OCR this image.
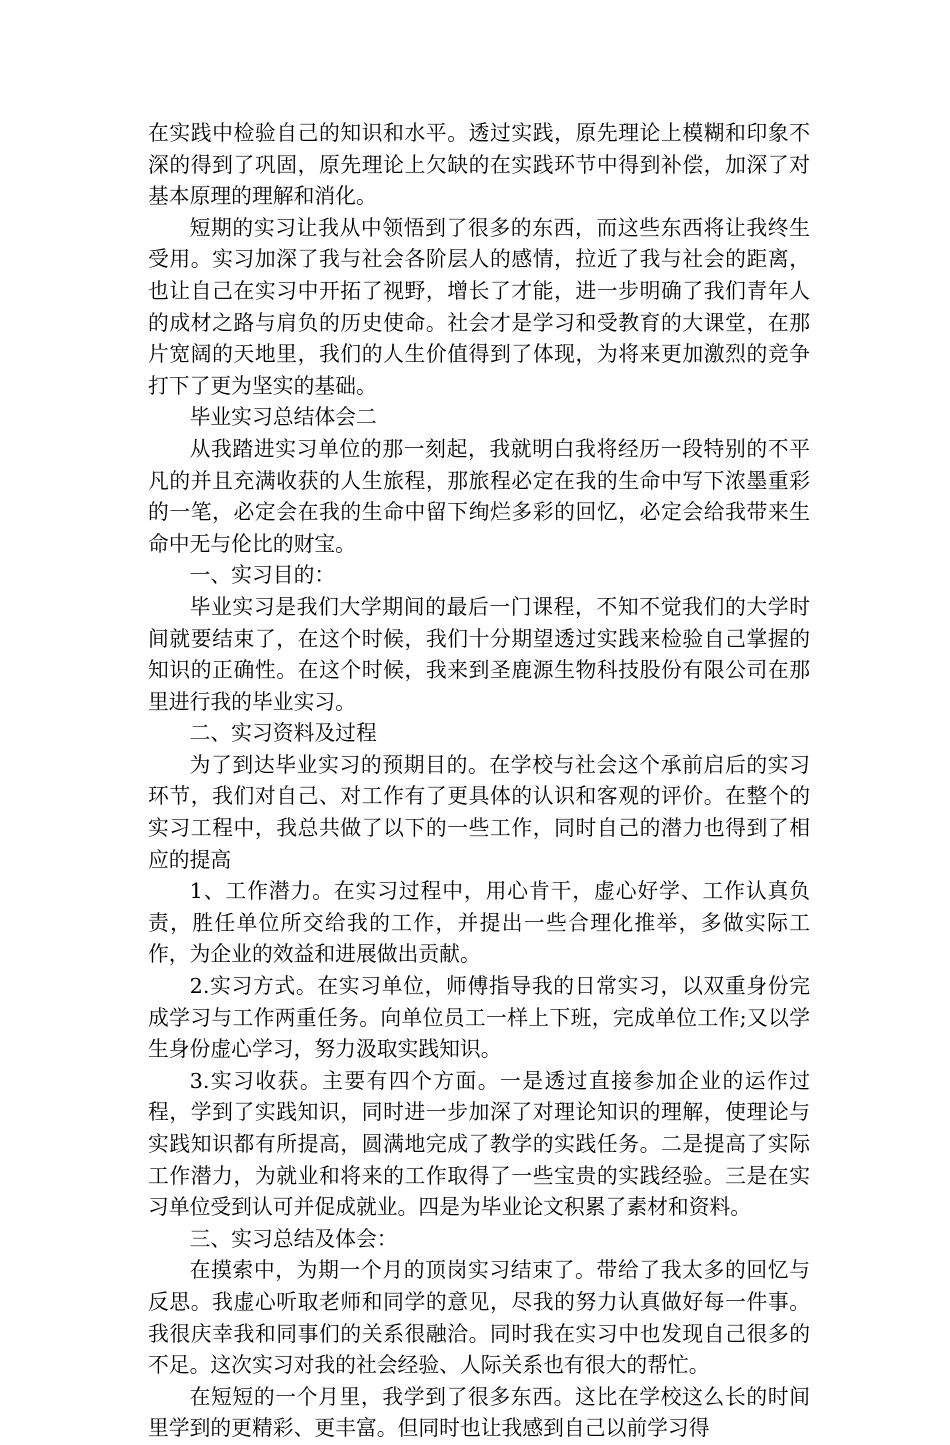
在实践中检验自己的知识和水平。透过实践，原先理论上模糊和印象不深的得到了巩固，原先理论上欠缺的在实践环节中得到补偿，加深了对基本原理的理解和消化。

短期的实习让我从中领悟到了很多的东西，而这些东西将让我终生受用。实习加深了我与社会各阶层人的感情，拉近了我与社会的距离，也让自己在实习中开拓了视野，增长了才能，进一步明确了我们青年人的成材之路与肩负的历史使命。社会才是学习和受教育的大课堂，在那片宽阔的天地里，我们的人生价值得到了体现，为将来更加激烈的竞争打下了更为坚实的基础。

毕业实习总结体会二

从我踏进实习单位的那一刻起，我就明白我将经历一段特别的不平凡的并且充满收获的人生旅程，那旅程必定在我的生命中写下浓墨重彩的一笔，必定会在我的生命中留下绚烂多彩的回忆，必定会给我带来生命中无与伦比的财宝。

一、实习目的：

毕业实习是我们大学期间的最后一门课程，不知不觉我们的大学时间就要结束了，在这个时候，我们十分期望透过实践来检验自己掌握的知识的正确性。在这个时候，我来到圣鹿源生物科技股份有限公司在那里进行我的毕业实习。

二、实习资料及过程

为了到达毕业实习的预期目的。在学校与社会这个承前启后的实习环节，我们对自己、对工作有了更具体的认识和客观的评价。在整个的实习工程中，我总共做了以下的一些工作，同时自己的潜力也得到了相应的提高

1、工作潜力。在实习过程中，用心肯干，虚心好学、工作认真负责，胜任单位所交给我的工作，并提出一些合理化推举，多做实际工作，为企业的效益和进展做出贡献。

2.实习方式。在实习单位，师傅指导我的日常实习，以双重身份完成学习与工作两重任务。向单位员工一样上下班，完成单位工作;又以学生身份虚心学习，努力汲取实践知识。

3.实习收获。主要有四个方面。一是透过直接参加企业的运作过程，学到了实践知识，同时进一步加深了对理论知识的理解，使理论与实践知识都有所提高，圆满地完成了教学的实践任务。二是提高了实际工作潜力，为就业和将来的工作取得了一些宝贵的实践经验。三是在实习单位受到认可并促成就业。四是为毕业论文积累了素材和资料。

三、实习总结及体会：

在摸索中，为期一个月的顶岗实习结束了。带给了我太多的回忆与反思。我虚心听取老师和同学的意见，尽我的努力认真做好每一件事。我很庆幸我和同事们的关系很融洽。同时我在实习中也发现自己很多的不足。这次实习对我的社会经验、人际关系也有很大的帮忙。

在短短的一个月里，我学到了很多东西。这比在学校这么长的时间里学到的更精彩、更丰富。但同时也让我感到自己以前学习得
